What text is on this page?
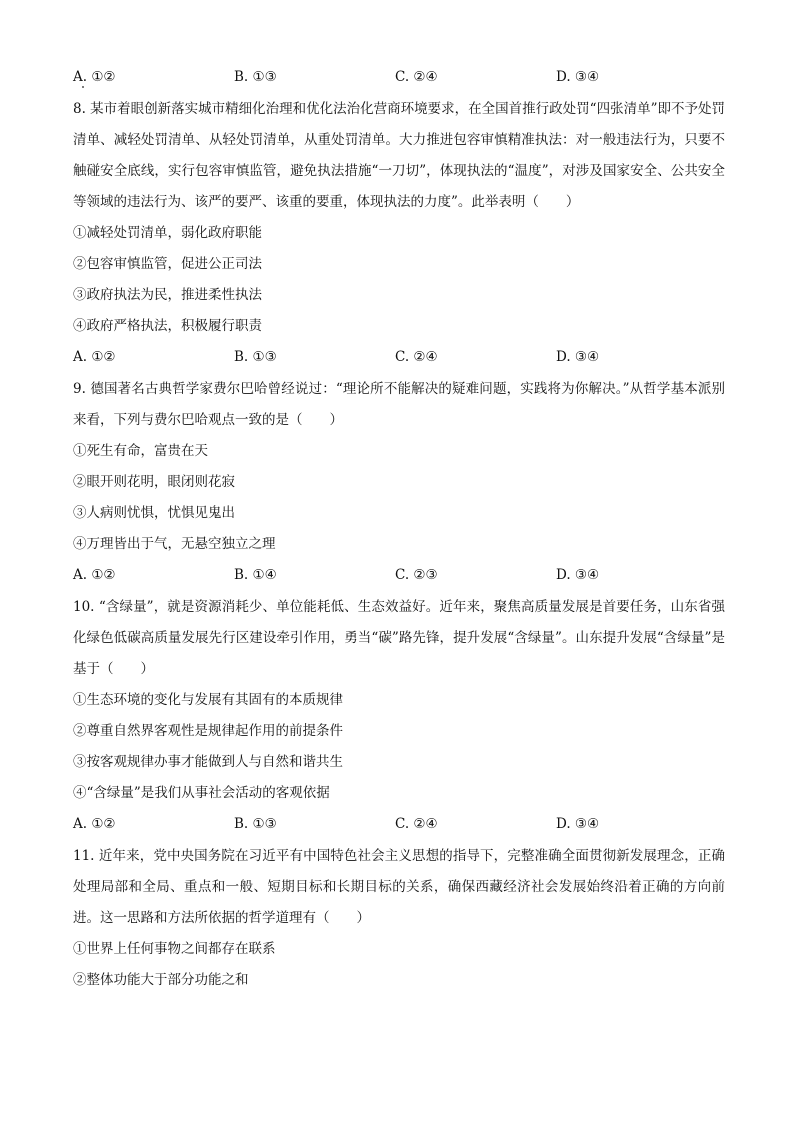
A. ①②	B. ①③	C. ②④	D. ③④
8. 某市着眼创新落实城市精细化治理和优化法治化营商环境要求，在全国首推行政处罚“四张清单”即不予处罚清单、减轻处罚清单、从轻处罚清单，从重处罚清单。大力推进包容审慎精准执法：对一般违法行为，只要不触碰安全底线，实行包容审慎监管，避免执法措施“一刀切”，体现执法的“温度”，对涉及国家安全、公共安全等领域的违法行为、该严的要严、该重的要重，体现执法的力度”。此举表明（　　）
①减轻处罚清单，弱化政府职能
②包容审慎监管，促进公正司法
③政府执法为民，推进柔性执法
④政府严格执法，积极履行职责
A. ①②	B. ①③	C. ②④	D. ③④
9. 德国著名古典哲学家费尔巴哈曾经说过：“理论所不能解决的疑难问题，实践将为你解决。”从哲学基本派别来看，下列与费尔巴哈观点一致的是（　　）
①死生有命，富贵在天
②眼开则花明，眼闭则花寂
③人病则忧惧，忧惧见鬼出
④万理皆出于气，无悬空独立之理
A. ①②	B. ①④	C. ②③	D. ③④
10. “含绿量”，就是资源消耗少、单位能耗低、生态效益好。近年来，聚焦高质量发展是首要任务，山东省强化绿色低碳高质量发展先行区建设牵引作用，勇当“碳”路先锋，提升发展“含绿量”。山东提升发展“含绿量”是基于（　　）
①生态环境的变化与发展有其固有的本质规律
②尊重自然界客观性是规律起作用的前提条件
③按客观规律办事才能做到人与自然和谐共生
④“含绿量”是我们从事社会活动的客观依据
A. ①②	B. ①③	C. ②④	D. ③④
11. 近年来，党中央国务院在习近平有中国特色社会主义思想的指导下，完整准确全面贯彻新发展理念，正确处理局部和全局、重点和一般、短期目标和长期目标的关系，确保西藏经济社会发展始终沿着正确的方向前进。这一思路和方法所依据的哲学道理有（　　）
①世界上任何事物之间都存在联系
②整体功能大于部分功能之和
